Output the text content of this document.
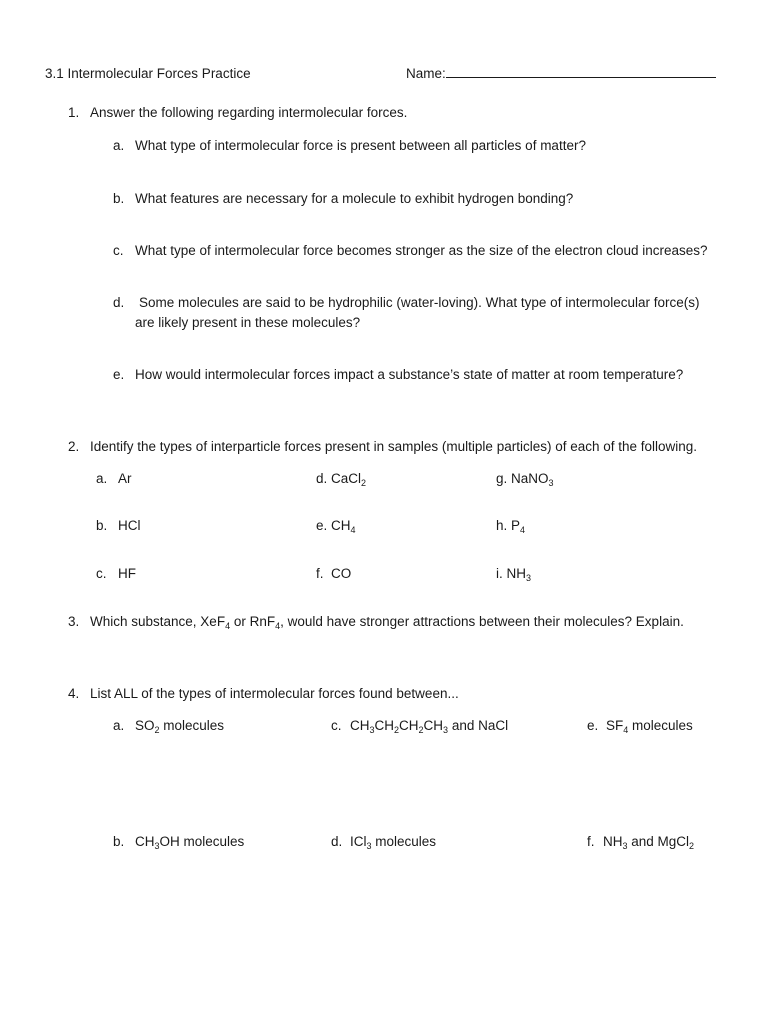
3.1 Intermolecular Forces Practice	Name:
1. Answer the following regarding intermolecular forces.
a. What type of intermolecular force is present between all particles of matter?
b. What features are necessary for a molecule to exhibit hydrogen bonding?
c. What type of intermolecular force becomes stronger as the size of the electron cloud increases?
d. Some molecules are said to be hydrophilic (water-loving). What type of intermolecular force(s)
are likely present in these molecules?
e. How would intermolecular forces impact a substance’s state of matter at room temperature?
2. Identify the types of interparticle forces present in samples (multiple particles) of each of the following.
a. Ar	d. CaCl$_2$	g. NaNO$_3$
b. HCl	e. $CH_4$	h. $P_4$
c. HF	f. CO	i. $NH_3$
3. Which substance, XeF$_4$ or RnF$_4$, would have stronger attractions between their molecules? Explain.
4. List ALL of the types of intermolecular forces found between...
a. $SO_2$ molecules	c. $CH_3CH_2CH_2CH_3$ and NaCl	e. $SF_4$ molecules
b. $CH_3OH$ molecules	d. ICl$_3$ molecules	f. $NH_3$ and MgCl$_2$
